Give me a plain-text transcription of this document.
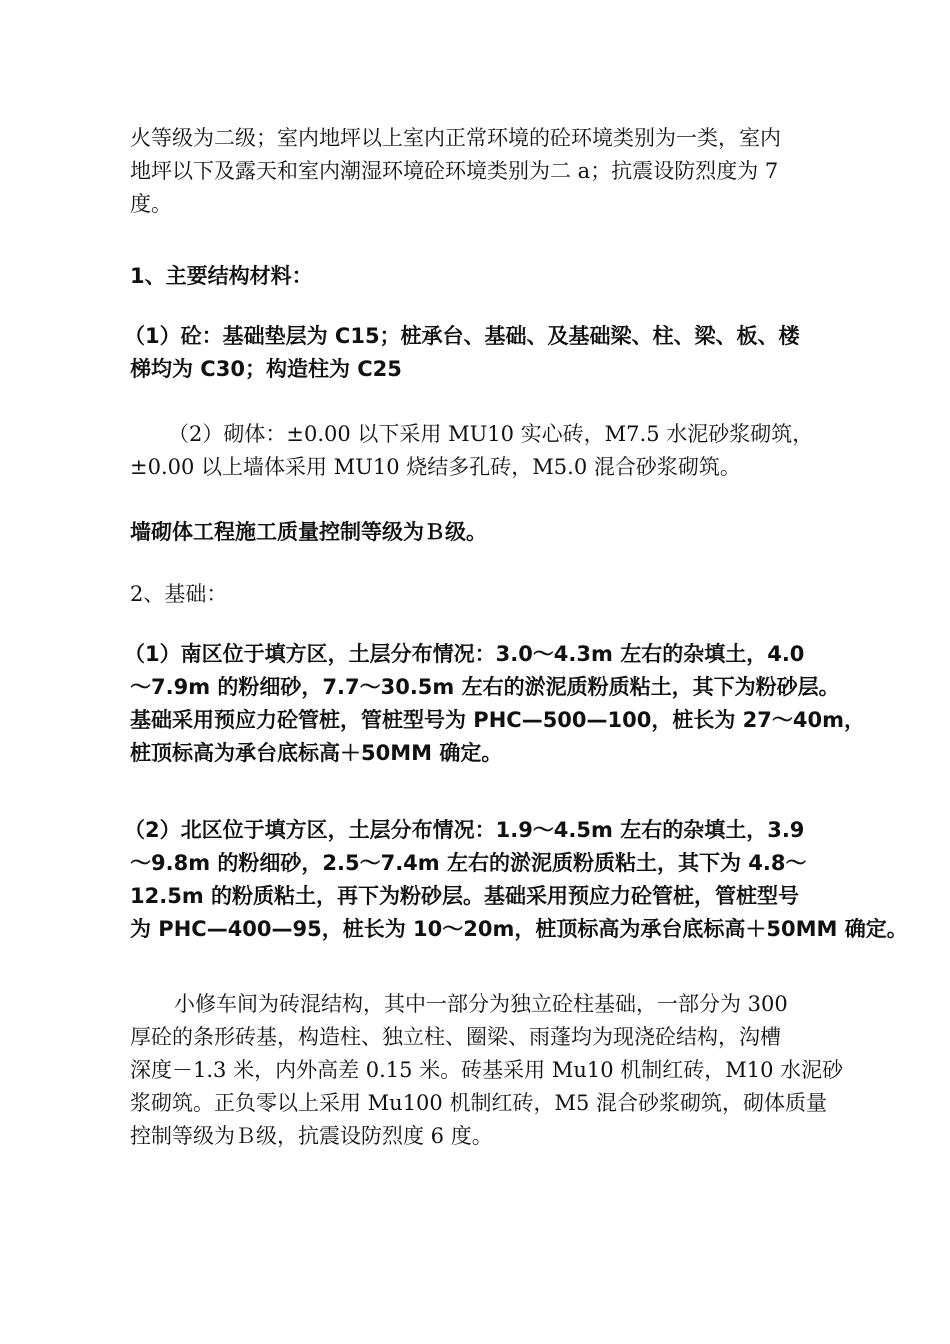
火等级为二级；室内地坪以上室内正常环境的砼环境类别为一类，室内
地坪以下及露天和室内潮湿环境砼环境类别为二 a；抗震设防烈度为 7
度。

1、主要结构材料：

（1）砼：基础垫层为 C15；桩承台、基础、及基础梁、柱、梁、板、楼
梯均为 C30；构造柱为 C25

（2）砌体：±0.00 以下采用 MU10 实心砖，M7.5 水泥砂浆砌筑，
±0.00 以上墙体采用 MU10 烧结多孔砖，M5.0 混合砂浆砌筑。

墙砌体工程施工质量控制等级为Ｂ级。

2、基础：

（1）南区位于填方区，土层分布情况：3.0～4.3m 左右的杂填土，4.0
～7.9m 的粉细砂，7.7～30.5m 左右的淤泥质粉质粘土，其下为粉砂层。
基础采用预应力砼管桩，管桩型号为 PHC—500—100，桩长为 27～40m，
桩顶标高为承台底标高＋50MM 确定。

（2）北区位于填方区，土层分布情况：1.9～4.5m 左右的杂填土，3.9
～9.8m 的粉细砂，2.5～7.4m 左右的淤泥质粉质粘土，其下为 4.8～
12.5m 的粉质粘土，再下为粉砂层。基础采用预应力砼管桩，管桩型号
为 PHC—400—95，桩长为 10～20m，桩顶标高为承台底标高＋50MM 确定。

小修车间为砖混结构，其中一部分为独立砼柱基础，一部分为 300
厚砼的条形砖基，构造柱、独立柱、圈梁、雨蓬均为现浇砼结构，沟槽
深度－1.3 米，内外高差 0.15 米。砖基采用 Mu10 机制红砖，M10 水泥砂
浆砌筑。正负零以上采用 Mu100 机制红砖，M5 混合砂浆砌筑，砌体质量
控制等级为Ｂ级，抗震设防烈度 6 度。
